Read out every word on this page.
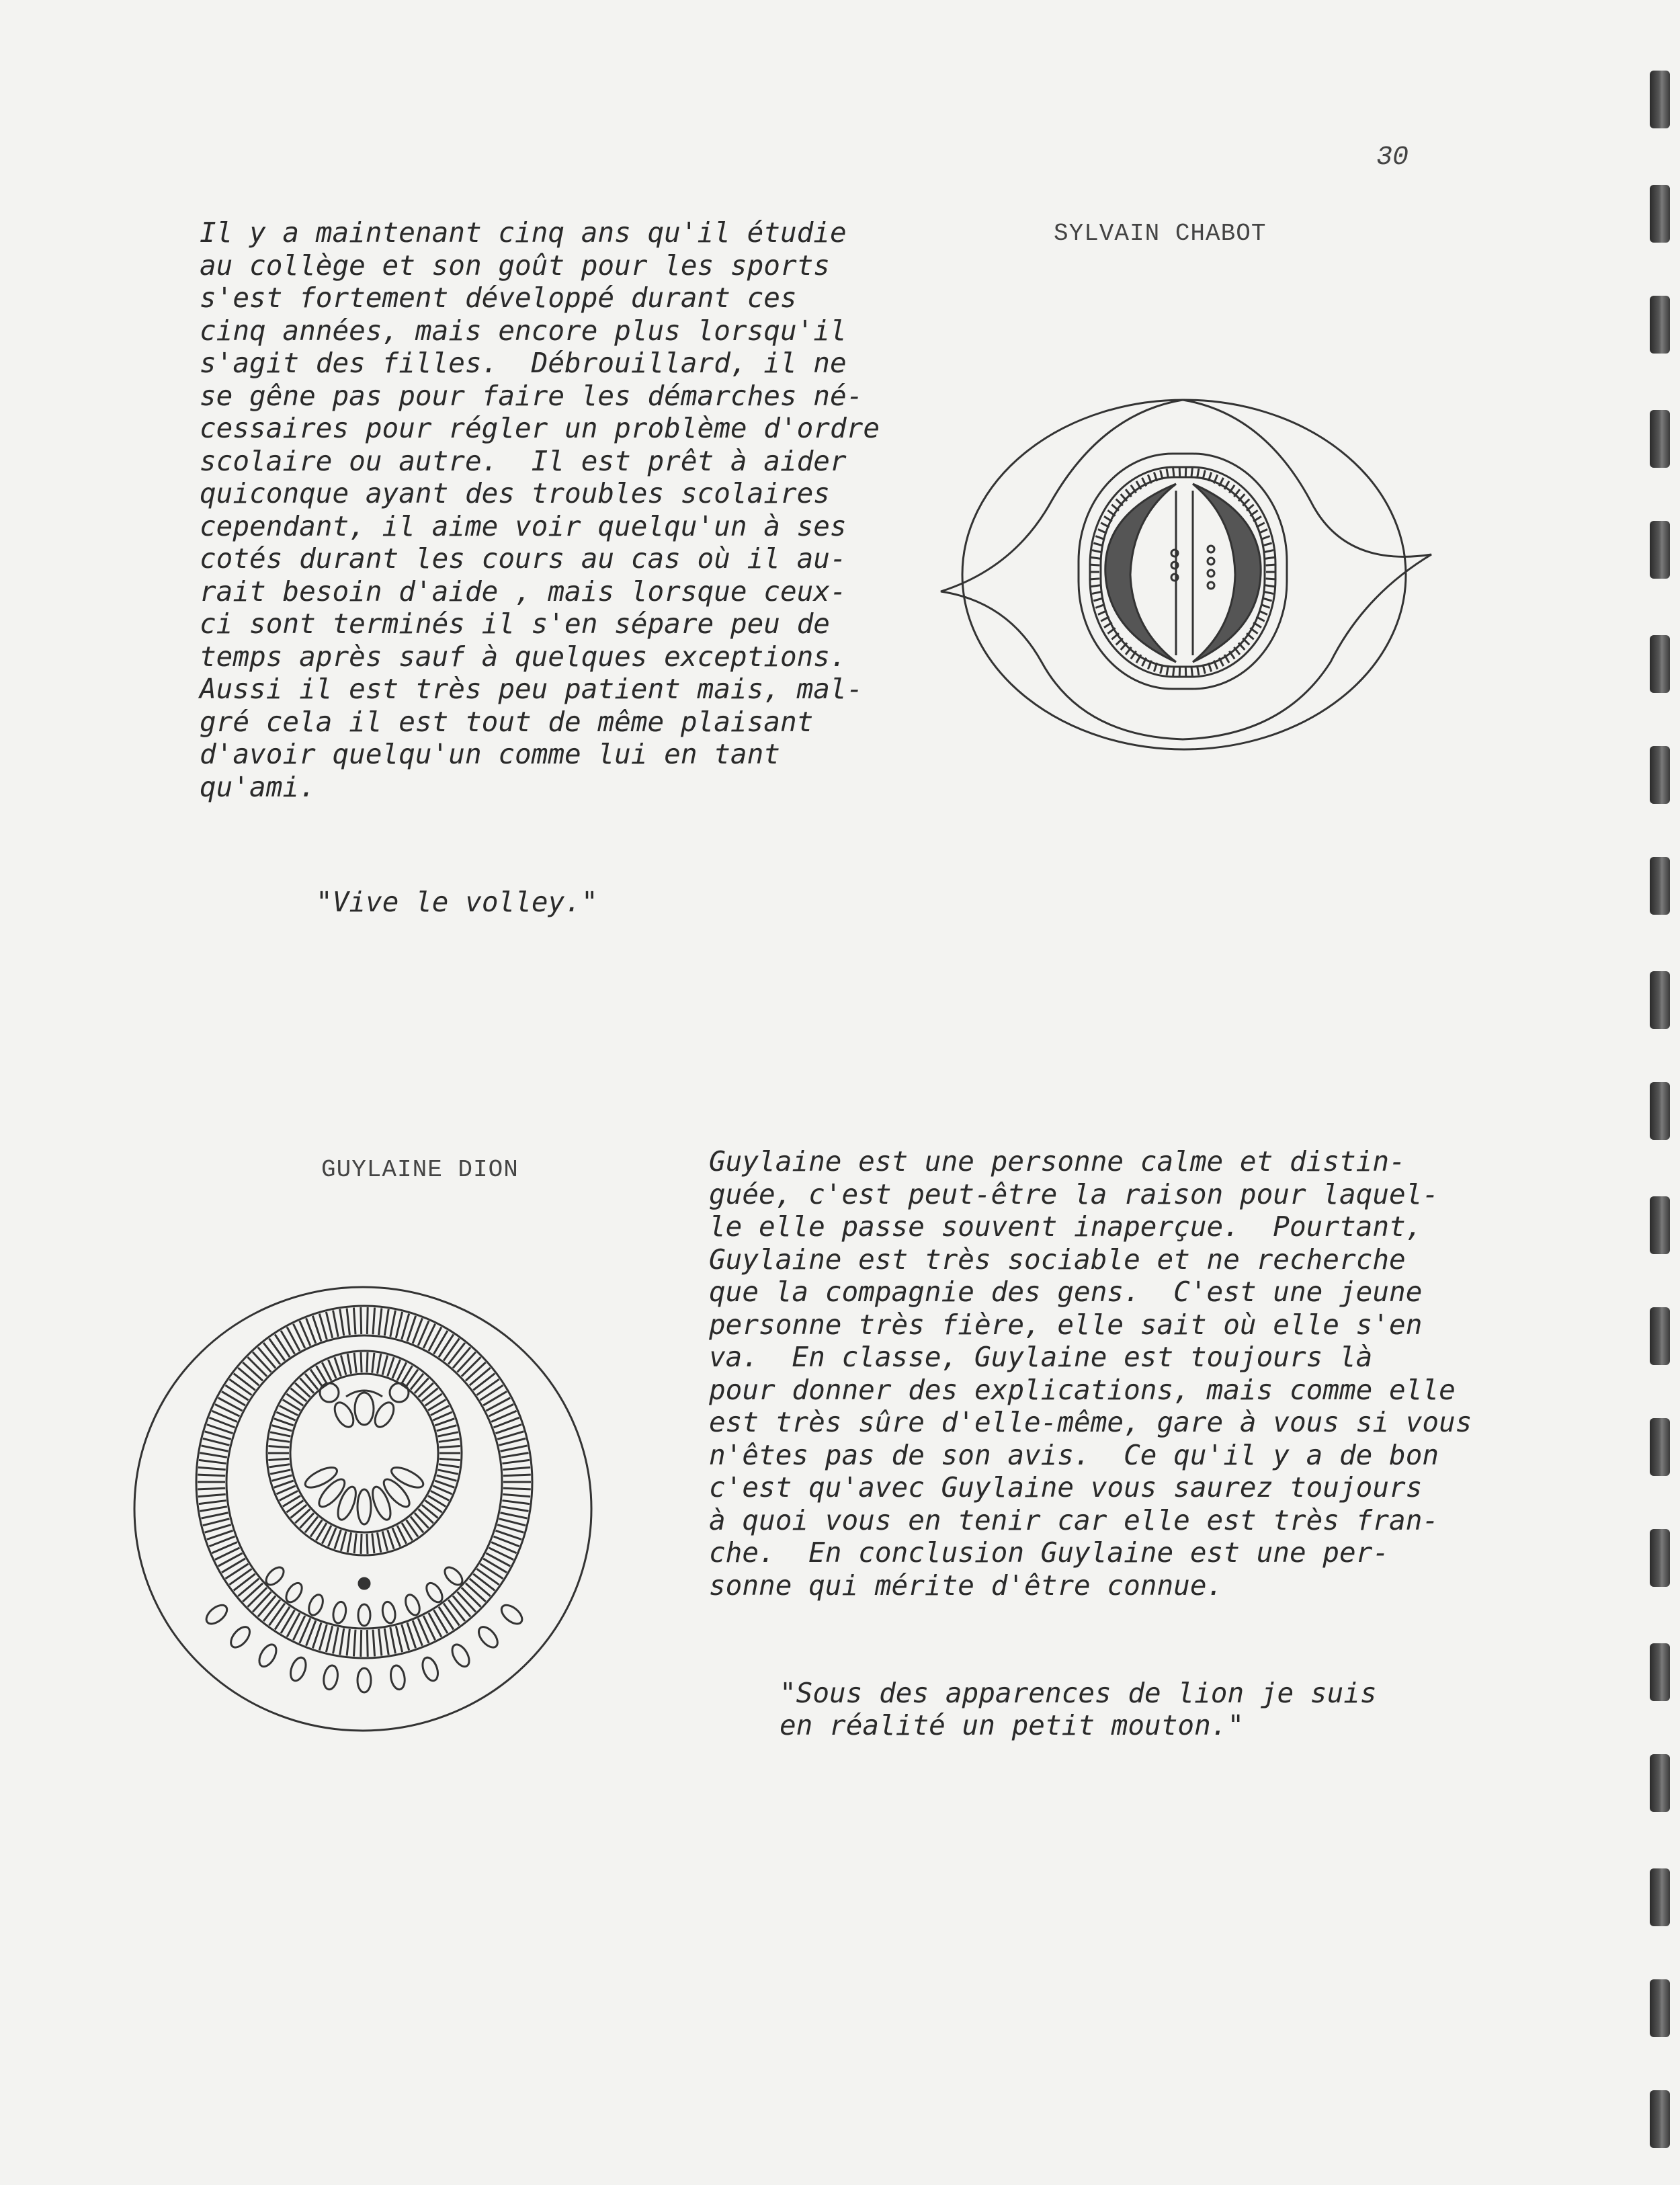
30
SYLVAIN CHABOT
Il y a maintenant cinq ans qu'il étudie
au collège et son goût pour les sports
s'est fortement développé durant ces
cinq années, mais encore plus lorsqu'il
s'agit des filles.  Débrouillard, il ne
se gêne pas pour faire les démarches né-
cessaires pour régler un problème d'ordre
scolaire ou autre.  Il est prêt à aider
quiconque ayant des troubles scolaires
cependant, il aime voir quelqu'un à ses
cotés durant les cours au cas où il au-
rait besoin d'aide , mais lorsque ceux-
ci sont terminés il s'en sépare peu de
temps après sauf à quelques exceptions.
Aussi il est très peu patient mais, mal-
gré cela il est tout de même plaisant
d'avoir quelqu'un comme lui en tant
qu'ami.
"Vive le volley."
GUYLAINE DION	Guylaine est une personne calme et distin-
guée, c'est peut-être la raison pour laquel-
le elle passe souvent inaperçue.  Pourtant,
Guylaine est très sociable et ne recherche
que la compagnie des gens.  C'est une jeune
personne très fière, elle sait où elle s'en
va.  En classe, Guylaine est toujours là
pour donner des explications, mais comme elle
est très sûre d'elle-même, gare à vous si vous
n'êtes pas de son avis.  Ce qu'il y a de bon
c'est qu'avec Guylaine vous saurez toujours
à quoi vous en tenir car elle est très fran-
che.  En conclusion Guylaine est une per-
sonne qui mérite d'être connue.
"Sous des apparences de lion je suis
en réalité un petit mouton."
